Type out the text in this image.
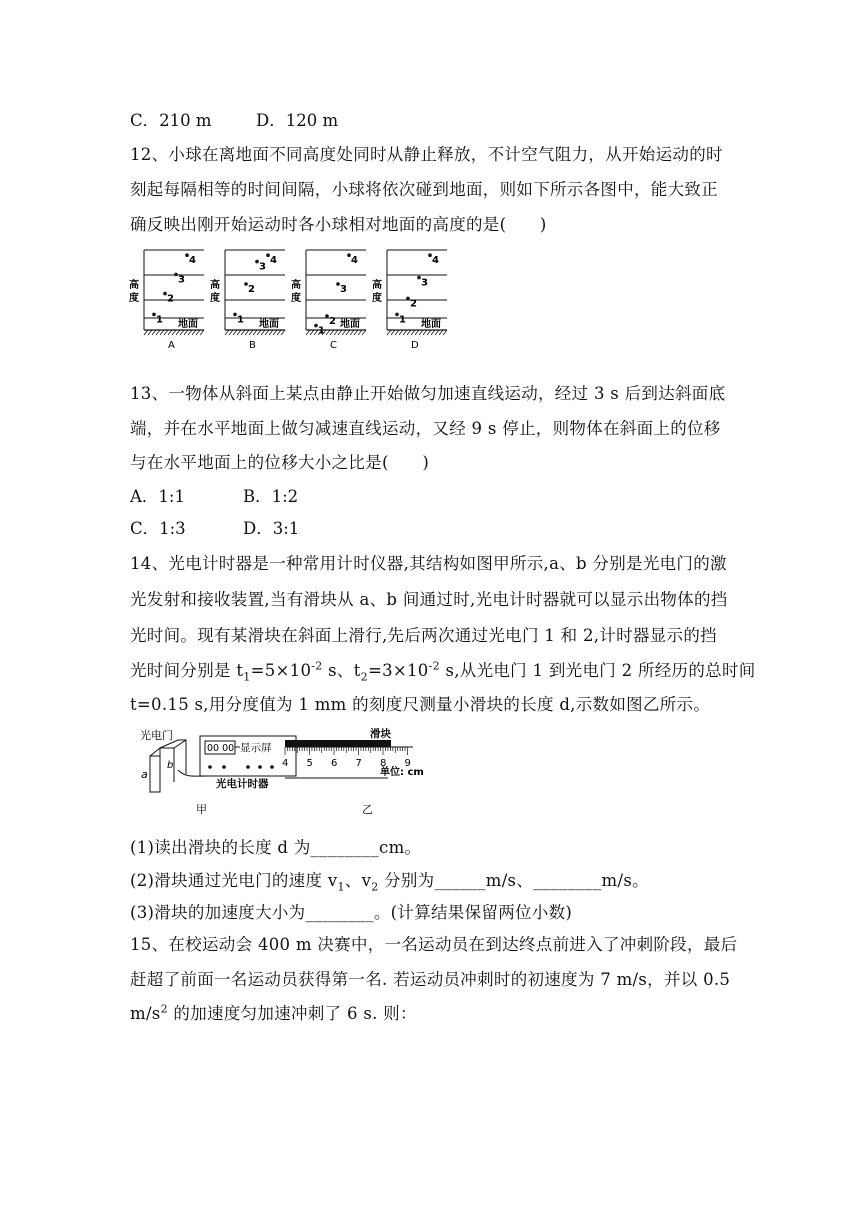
C．210 m	D．120 m
12、小球在离地面不同高度处同时从静止释放，不计空气阻力，从开始运动的时
刻起每隔相等的时间间隔，小球将依次碰到地面，则如下所示各图中，能大致正
确反映出刚开始运动时各小球相对地面的高度的是(　　)
地面
高
度
1
2
3
4
A
地面
高
度
1
2
3
4
B
地面
高
度
1
2
3
4
C
地面
高
度
1
2
3
4
D
13、一物体从斜面上某点由静止开始做匀加速直线运动，经过 3 s 后到达斜面底
端，并在水平地面上做匀减速直线运动，又经 9 s 停止，则物体在斜面上的位移
与在水平地面上的位移大小之比是(　　)
A．1:1	B．1:2
C．1:3	D．3:1
14、光电计时器是一种常用计时仪器,其结构如图甲所示,a、b 分别是光电门的激
光发射和接收装置,当有滑块从 a、b 间通过时,光电计时器就可以显示出物体的挡
光时间。现有某滑块在斜面上滑行,先后两次通过光电门 1 和 2,计时器显示的挡
光时间分别是 $t_1=5\times 10^{-2}$ s、$t_2=3\times 10^{-2}$ s,从光电门 1 到光电门 2 所经历的总时间
t=0.15 s,用分度值为 1 mm 的刻度尺测量小滑块的长度 d,示数如图乙所示。
光电门
a
b
00 00 显示屏
光电计时器
甲
滑块
4 5 6 7 8 9
单位: cm
乙
(1)读出滑块的长度 d 为________cm。
(2)滑块通过光电门的速度 $v_1$、$v_2$ 分别为______m/s、________m/s。
(3)滑块的加速度大小为________。(计算结果保留两位小数)
15、在校运动会 400 m 决赛中，一名运动员在到达终点前进入了冲刺阶段，最后
赶超了前面一名运动员获得第一名. 若运动员冲刺时的初速度为 7 m/s，并以 0.5
$m/s^2$ 的加速度匀加速冲刺了 6 s. 则：
